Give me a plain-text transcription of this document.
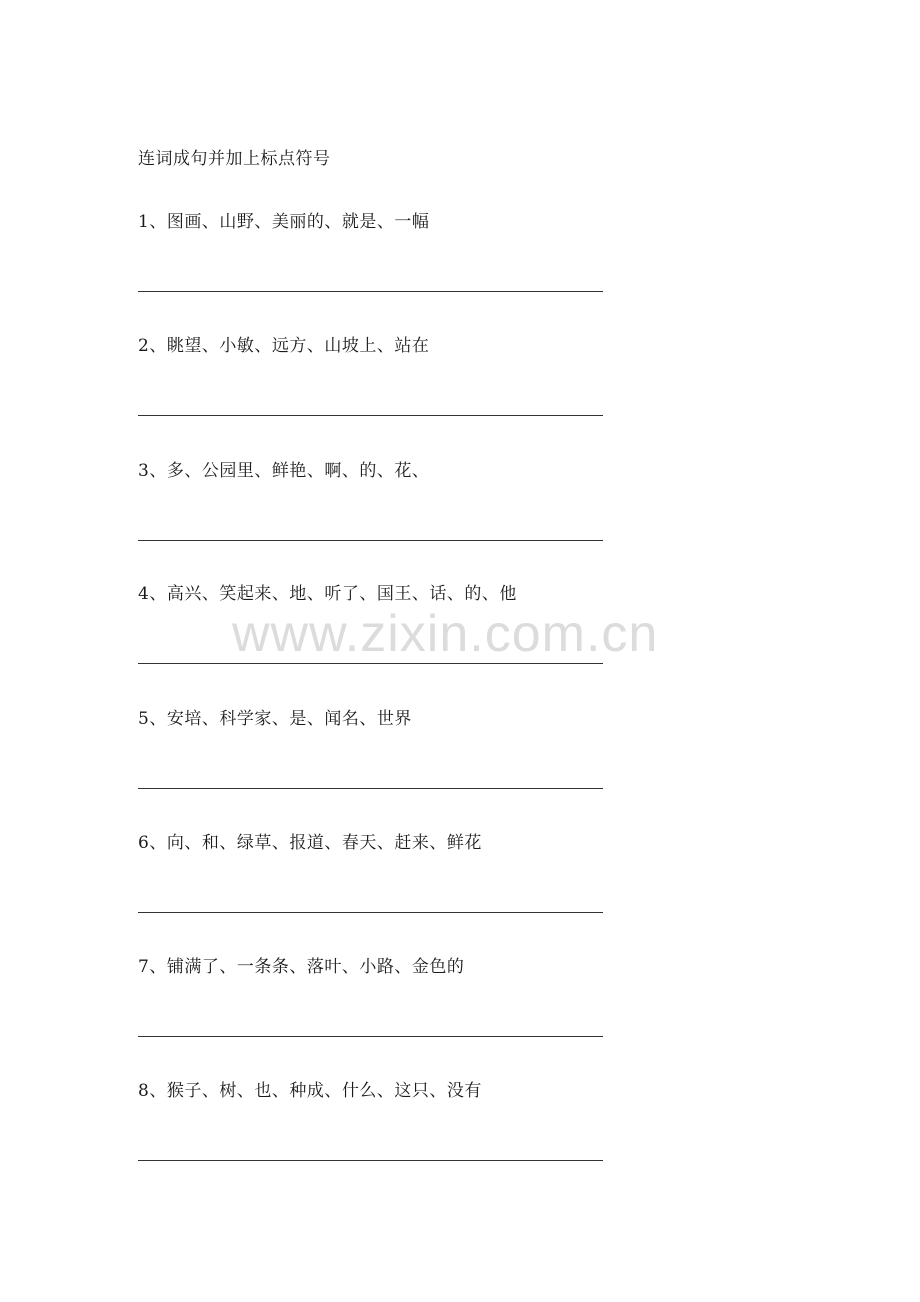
连词成句并加上标点符号
1、图画、山野、美丽的、就是、一幅
2、眺望、小敏、远方、山坡上、站在
3、多、公园里、鲜艳、啊、的、花、
4、高兴、笑起来、地、听了、国王、话、的、他
5、安培、科学家、是、闻名、世界
6、向、和、绿草、报道、春天、赶来、鲜花
7、铺满了、一条条、落叶、小路、金色的
8、猴子、树、也、种成、什么、这只、没有
www.zixin.com.cn
